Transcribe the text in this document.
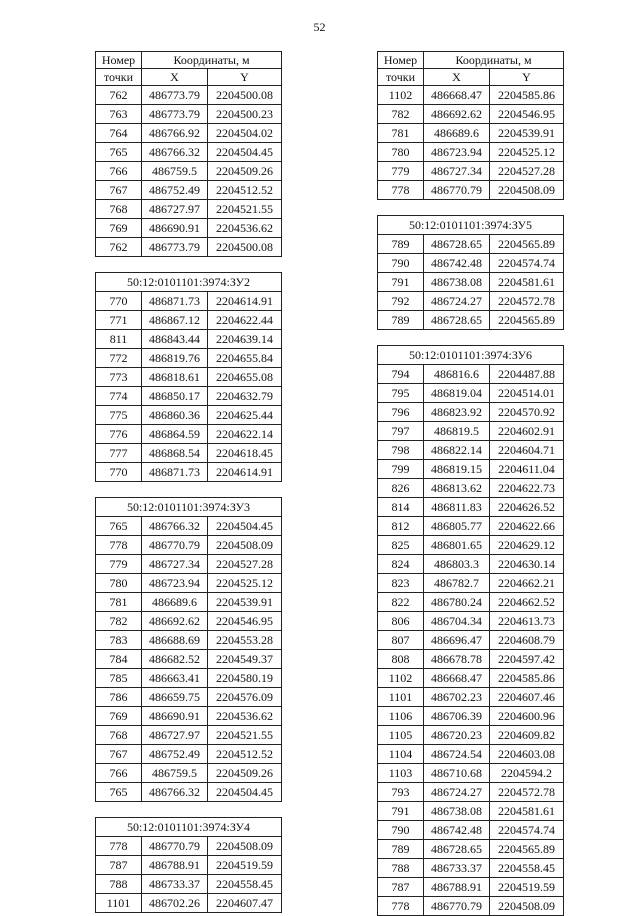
52
Номер	Координаты, м	
точки	X	Y
762	486773.79	2204500.08
763	486773.79	2204500.23
764	486766.92	2204504.02
765	486766.32	2204504.45
766	486759.5	2204509.26
767	486752.49	2204512.52
768	486727.97	2204521.55
769	486690.91	2204536.62
762	486773.79	2204500.08
50:12:0101101:3974:ЗУ2		
770	486871.73	2204614.91
771	486867.12	2204622.44
811	486843.44	2204639.14
772	486819.76	2204655.84
773	486818.61	2204655.08
774	486850.17	2204632.79
775	486860.36	2204625.44
776	486864.59	2204622.14
777	486868.54	2204618.45
770	486871.73	2204614.91
50:12:0101101:3974:ЗУ3		
765	486766.32	2204504.45
778	486770.79	2204508.09
779	486727.34	2204527.28
780	486723.94	2204525.12
781	486689.6	2204539.91
782	486692.62	2204546.95
783	486688.69	2204553.28
784	486682.52	2204549.37
785	486663.41	2204580.19
786	486659.75	2204576.09
769	486690.91	2204536.62
768	486727.97	2204521.55
767	486752.49	2204512.52
766	486759.5	2204509.26
765	486766.32	2204504.45
50:12:0101101:3974:ЗУ4		
778	486770.79	2204508.09
787	486788.91	2204519.59
788	486733.37	2204558.45
1101	486702.26	2204607.47
Номер	Координаты, м	
точки	X	Y
1102	486668.47	2204585.86
782	486692.62	2204546.95
781	486689.6	2204539.91
780	486723.94	2204525.12
779	486727.34	2204527.28
778	486770.79	2204508.09
50:12:0101101:3974:ЗУ5		
789	486728.65	2204565.89
790	486742.48	2204574.74
791	486738.08	2204581.61
792	486724.27	2204572.78
789	486728.65	2204565.89
50:12:0101101:3974:ЗУ6		
794	486816.6	2204487.88
795	486819.04	2204514.01
796	486823.92	2204570.92
797	486819.5	2204602.91
798	486822.14	2204604.71
799	486819.15	2204611.04
826	486813.62	2204622.73
814	486811.83	2204626.52
812	486805.77	2204622.66
825	486801.65	2204629.12
824	486803.3	2204630.14
823	486782.7	2204662.21
822	486780.24	2204662.52
806	486704.34	2204613.73
807	486696.47	2204608.79
808	486678.78	2204597.42
1102	486668.47	2204585.86
1101	486702.23	2204607.46
1106	486706.39	2204600.96
1105	486720.23	2204609.82
1104	486724.54	2204603.08
1103	486710.68	2204594.2
793	486724.27	2204572.78
791	486738.08	2204581.61
790	486742.48	2204574.74
789	486728.65	2204565.89
788	486733.37	2204558.45
787	486788.91	2204519.59
778	486770.79	2204508.09
